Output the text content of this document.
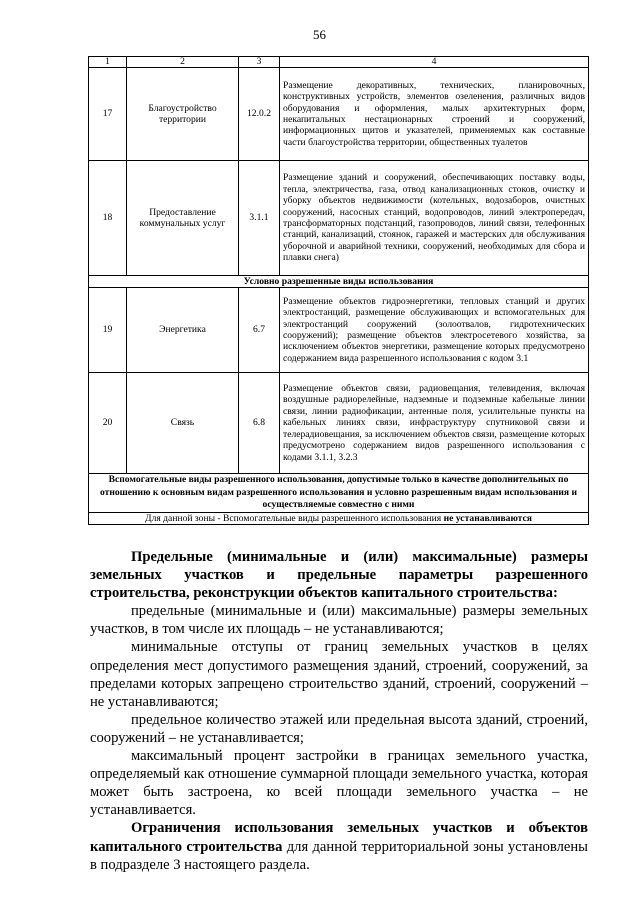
56
1	2	3	4
17	Благоустройство территории	12.0.2	Размещение декоративных, технических, планировочных, конструктивных устройств, элементов озеленения, различных видов оборудования и оформления, малых архитектурных форм, некапитальных нестационарных строений и сооружений, информационных щитов и указателей, применяемых как составные части благоустройства территории, общественных туалетов
18	Предоставление коммунальных услуг	3.1.1	Размещение зданий и сооружений, обеспечивающих поставку воды, тепла, электричества, газа, отвод канализационных стоков, очистку и уборку объектов недвижимости (котельных, водозаборов, очистных сооружений, насосных станций, водопроводов, линий электропередач, трансформаторных подстанций, газопроводов, линий связи, телефонных станций, канализаций, стоянок, гаражей и мастерских для обслуживания уборочной и аварийной техники, сооружений, необходимых для сбора и плавки снега)
Условно разрешенные виды использования			
19	Энергетика	6.7	Размещение объектов гидроэнергетики, тепловых станций и других электростанций, размещение обслуживающих и вспомогательных для электростанций сооружений (золоотвалов, гидротехнических сооружений); размещение объектов электросетевого хозяйства, за исключением объектов энергетики, размещение которых предусмотрено содержанием вида разрешенного использования с кодом 3.1
20	Связь	6.8	Размещение объектов связи, радиовещания, телевидения, включая воздушные радиорелейные, надземные и подземные кабельные линии связи, линии радиофикации, антенные поля, усилительные пункты на кабельных линиях связи, инфраструктуру спутниковой связи и телерадиовещания, за исключением объектов связи, размещение которых предусмотрено содержанием видов разрешенного использования с кодами 3.1.1, 3.2.3
Вспомогательные виды разрешенного использования, допустимые только в качестве дополнительных по отношению к основным видам разрешенного использования и условно разрешенным видам использования и осуществляемые совместно с ними			
Для данной зоны - Вспомогательные виды разрешенного использования не устанавливаются			

Предельные (минимальные и (или) максимальные) размеры земельных участков и предельные параметры разрешенного строительства, реконструкции объектов капитального строительства:

предельные (минимальные и (или) максимальные) размеры земельных участков, в том числе их площадь – не устанавливаются;

минимальные отступы от границ земельных участков в целях определения мест допустимого размещения зданий, строений, сооружений, за пределами которых запрещено строительство зданий, строений, сооружений – не устанавливаются;

предельное количество этажей или предельная высота зданий, строений, сооружений – не устанавливается;

максимальный процент застройки в границах земельного участка, определяемый как отношение суммарной площади земельного участка, которая может быть застроена, ко всей площади земельного участка – не устанавливается.

Ограничения использования земельных участков и объектов капитального строительства для данной территориальной зоны установлены в подразделе 3 настоящего раздела.
